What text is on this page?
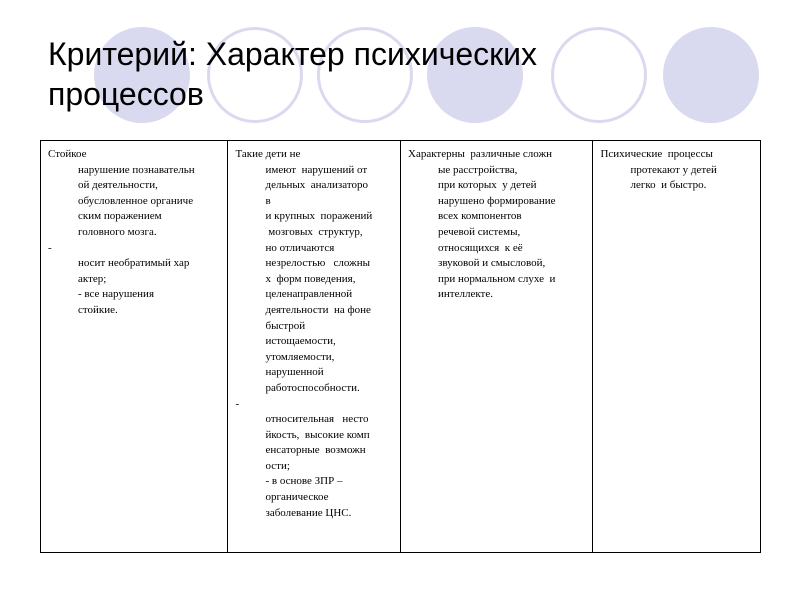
Критерий: Характер психических
процессов
Стойкое
нарушение познавательн
ой деятельности,
обусловленное органиче
ским поражением
головного мозга.
-
носит необратимый хар
актер;
- все нарушения
стойкие.
Такие дети не
имеют  нарушений от
дельных  анализаторо
в
и крупных  поражений
мозговых  структур,
но отличаются
незрелостью   сложны
х  форм поведения,
целенаправленной
деятельности  на фоне
быстрой
истощаемости,
утомляемости,
нарушенной
работоспособности.
-
относительная   несто
йкость,  высокие комп
енсаторные  возможн
ости;
- в основе ЗПР –
органическое
заболевание ЦНС.
Характерны  различные сложн
ые расстройства,
при которых  у детей
нарушено формирование
всех компонентов
речевой системы,
относящихся  к её
звуковой и смысловой,
при нормальном слухе  и
интеллекте.
Психические  процессы
протекают у детей
легко  и быстро.
